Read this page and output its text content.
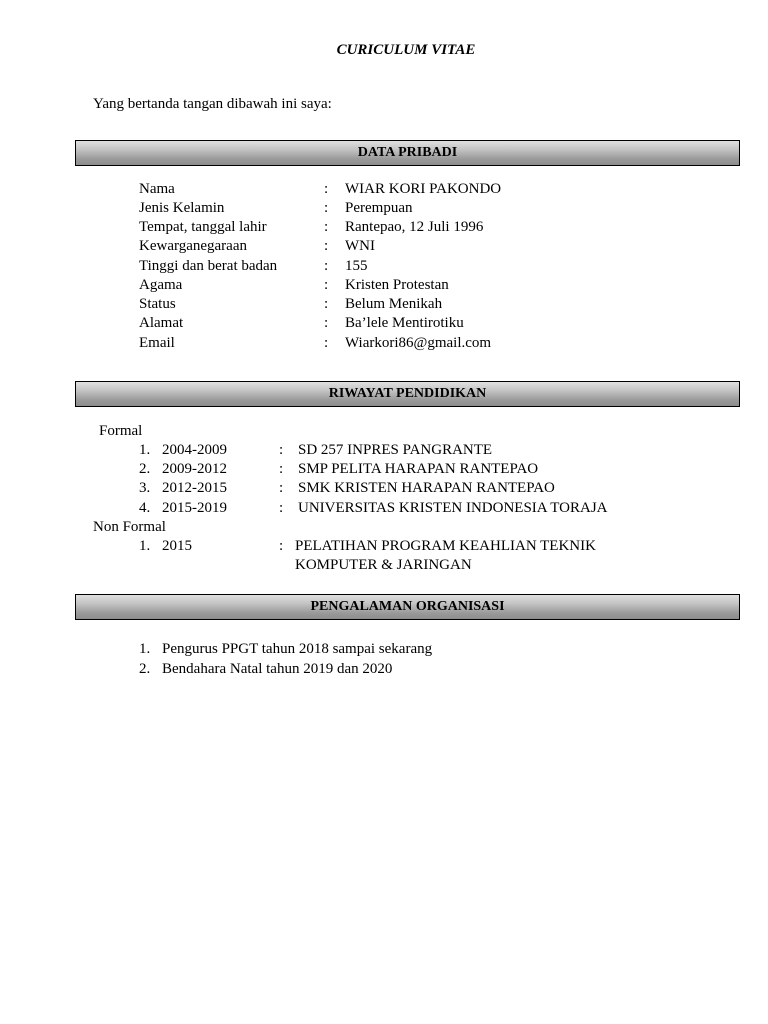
CURICULUM VITAE
Yang bertanda tangan dibawah ini saya:
DATA PRIBADI
Nama	: WIAR KORI PAKONDO
Jenis Kelamin	: Perempuan
Tempat, tanggal lahir	: Rantepao, 12 Juli 1996
Kewarganegaraan	: WNI
Tinggi dan berat badan	: 155
Agama	: Kristen Protestan
Status	: Belum Menikah
Alamat	: Ba’lele Mentirotiku
Email	: Wiarkori86@gmail.com
RIWAYAT PENDIDIKAN
Formal
1. 2004-2009	: SD 257 INPRES PANGRANTE
2. 2009-2012	: SMP PELITA HARAPAN RANTEPAO
3. 2012-2015	: SMK KRISTEN HARAPAN RANTEPAO
4. 2015-2019	: UNIVERSITAS KRISTEN INDONESIA TORAJA
Non Formal
1. 2015	: PELATIHAN PROGRAM KEAHLIAN TEKNIK
KOMPUTER & JARINGAN
PENGALAMAN ORGANISASI
1. Pengurus PPGT tahun 2018 sampai sekarang
2. Bendahara Natal tahun 2019 dan 2020
